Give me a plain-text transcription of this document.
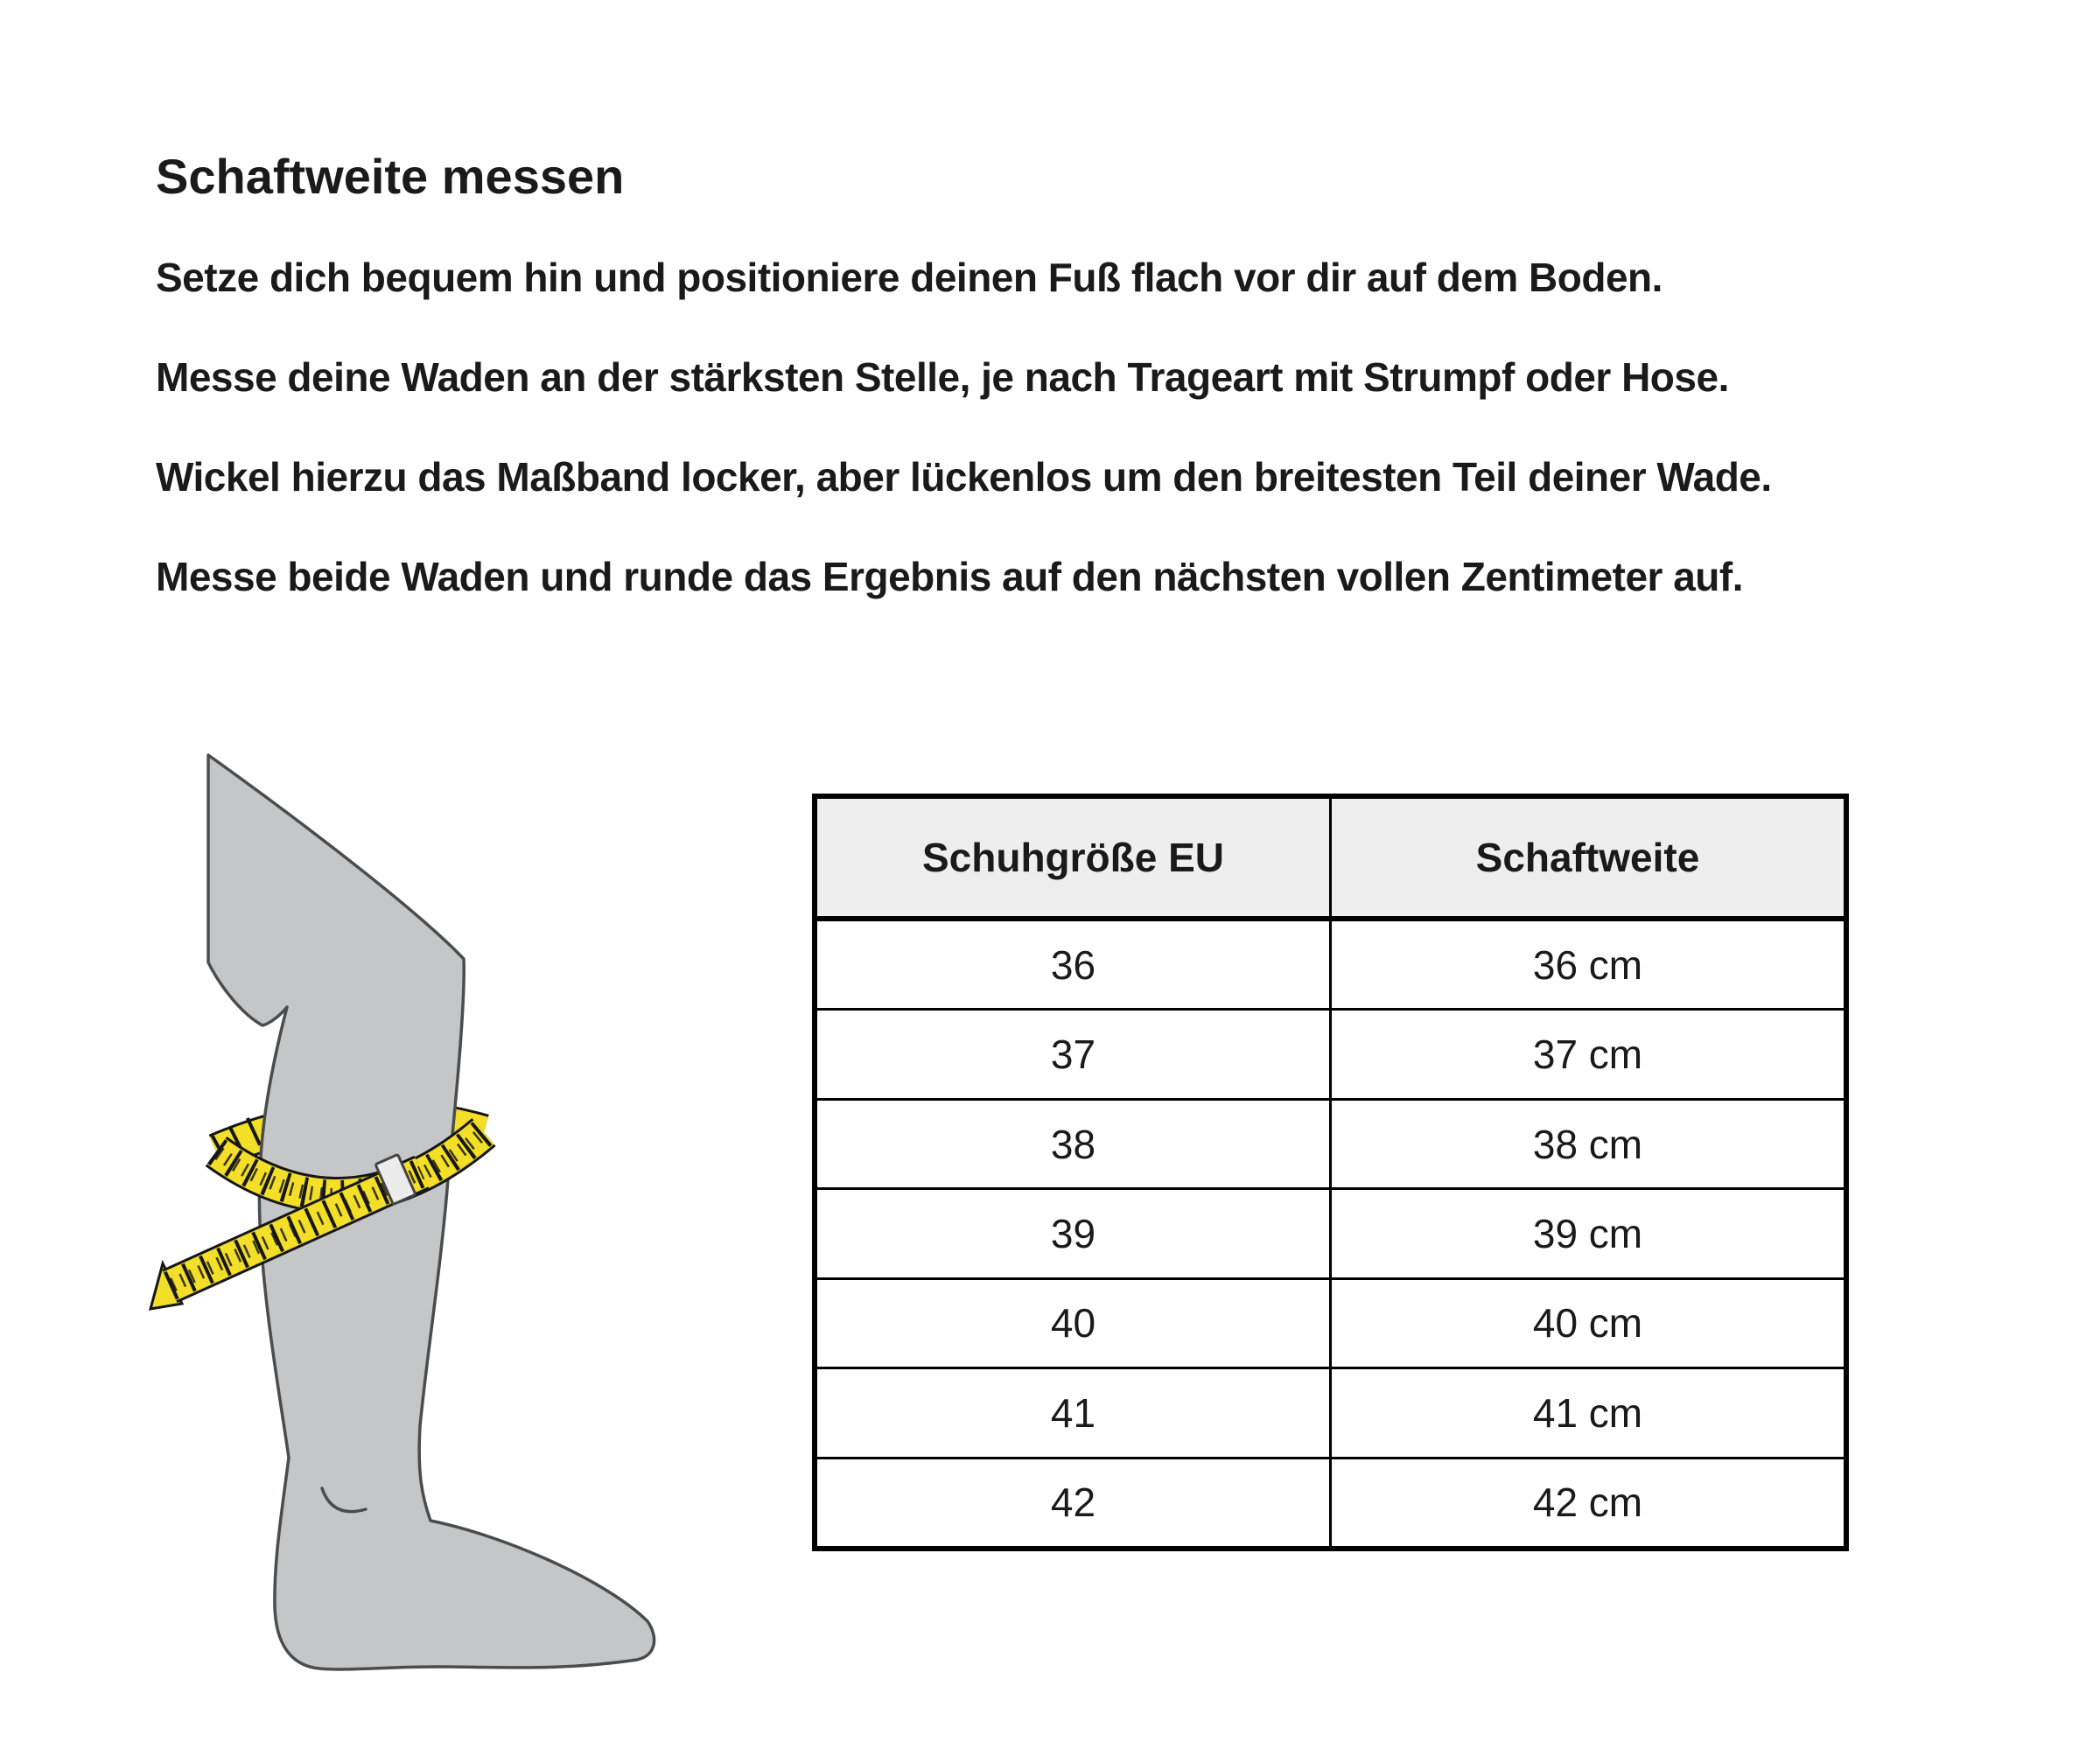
Schaftweite messen

Setze dich bequem hin und positioniere deinen Fuß flach vor dir auf dem Boden.

Messe deine Waden an der stärksten Stelle, je nach Trageart mit Strumpf oder Hose.

Wickel hierzu das Maßband locker, aber lückenlos um den breitesten Teil deiner Wade.

Messe beide Waden und runde das Ergebnis auf den nächsten vollen Zentimeter auf.

Schuhgröße EU	Schaftweite
36	36 cm
37	37 cm
38	38 cm
39	39 cm
40	40 cm
41	41 cm
42	42 cm
